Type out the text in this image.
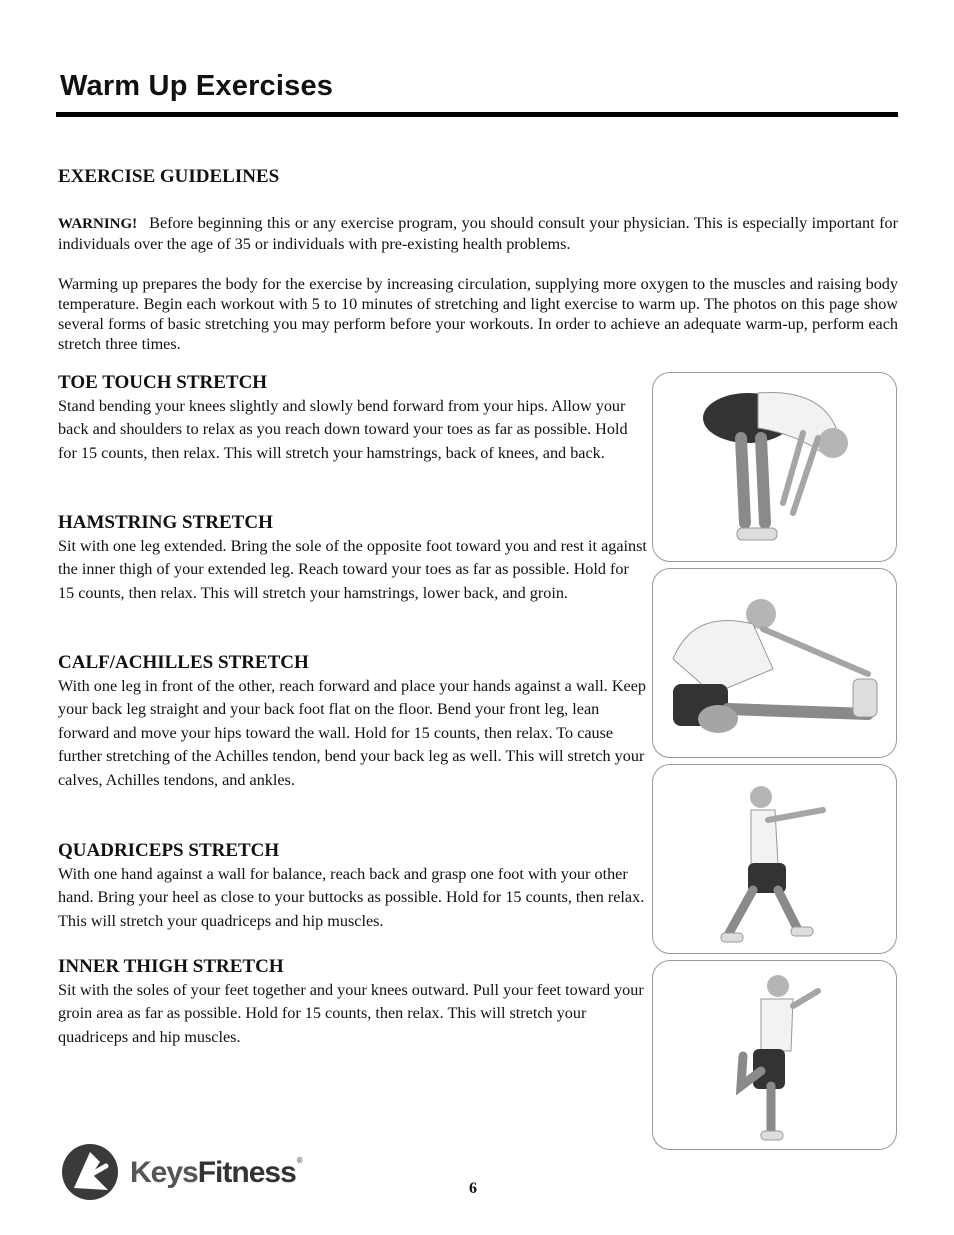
Warm Up Exercises
EXERCISE GUIDELINES
WARNING! Before beginning this or any exercise program, you should consult your physician. This is especially important for individuals over the age of 35 or individuals with pre-existing health problems.
Warming up prepares the body for the exercise by increasing circulation, supplying more oxygen to the muscles and raising body temperature. Begin each workout with 5 to 10 minutes of stretching and light exercise to warm up. The photos on this page show several forms of basic stretching you may perform before your workouts. In order to achieve an adequate warm-up, perform each stretch three times.
TOE TOUCH STRETCH
Stand bending your knees slightly and slowly bend forward from your hips. Allow your back and shoulders to relax as you reach down toward your toes as far as possible. Hold for 15 counts, then relax. This will stretch your hamstrings, back of knees, and back.
HAMSTRING STRETCH
Sit with one leg extended. Bring the sole of the opposite foot toward you and rest it against the inner thigh of your extended leg. Reach toward your toes as far as possible. Hold for 15 counts, then relax. This will stretch your hamstrings, lower back, and groin.
CALF/ACHILLES STRETCH
With one leg in front of the other, reach forward and place your hands against a wall. Keep your back leg straight and your back foot flat on the floor. Bend your front leg, lean forward and move your hips toward the wall. Hold for 15 counts, then relax. To cause further stretching of the Achilles tendon, bend your back leg as well. This will stretch your calves, Achilles tendons, and ankles.
QUADRICEPS STRETCH
With one hand against a wall for balance, reach back and grasp one foot with your other hand. Bring your heel as close to your buttocks as possible. Hold for 15 counts, then relax. This will stretch your quadriceps and hip muscles.
INNER THIGH STRETCH
Sit with the soles of your feet together and your knees outward. Pull your feet toward your groin area as far as possible. Hold for 15 counts, then relax. This will stretch your quadriceps and hip muscles.
KeysFitness®
6
